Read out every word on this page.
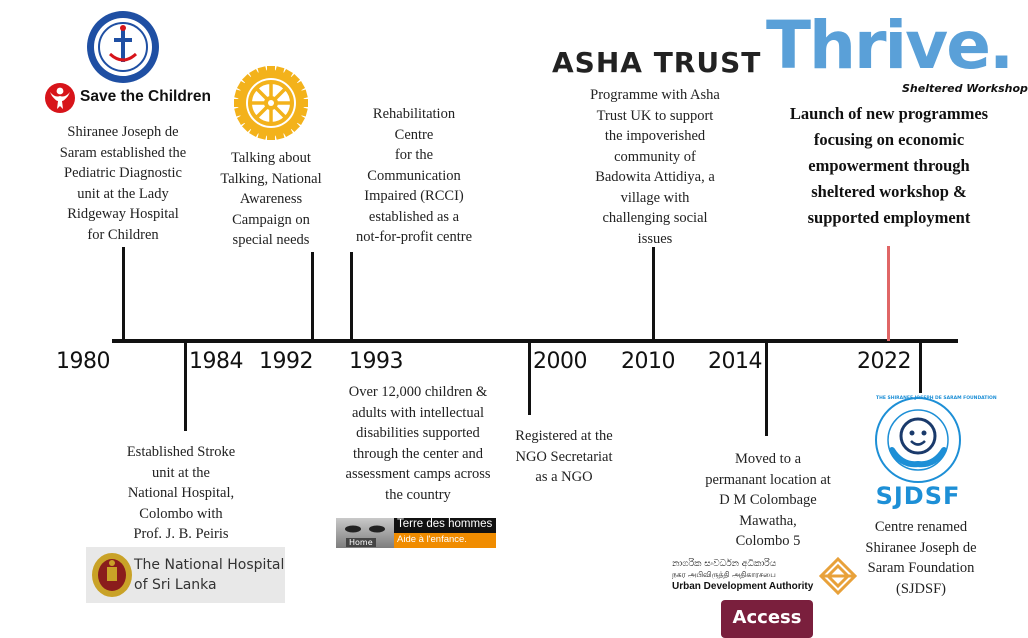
1980	1984 1992 1993	2000 2010 2014	2022
Shiranee Joseph de
Saram established the
Pediatric Diagnostic
unit at the Lady
Ridgeway Hospital
for Children
Established Stroke
unit at the
National Hospital,
Colombo with
Prof. J. B. Peiris
Talking about
Talking, National
Awareness
Campaign on
special needs
Rehabilitation
Centre
for the
Communication
Impaired (RCCI)
established as a
not-for-profit centre
Over 12,000 children &
adults with intellectual
disabilities supported
through the center and
assessment camps across
the country
Registered at the
NGO Secretariat
as a NGO
Programme with Asha
Trust UK to support
the impoverished
community of
Badowita Attidiya, a
village with
challenging social
issues
Moved to a
permanant location at
D M Colombage
Mawatha,
Colombo 5
Launch of new programmes
focusing on economic
empowerment through
sheltered workshop &
supported employment
Centre renamed
Shiranee Joseph de
Saram Foundation
(SJDSF)
Save the Children
The National Hospital
of Sri Lanka
Home
Terre des hommes
Aide à l'enfance.
ASHA TRUST Thrive.
Sheltered Workshop
THE SHIRANEE JOSEPH DE SARAM FOUNDATION
SJDSF
නාගරික සංවර්ධන අධිකාරිය
நகர அபிவிருத்தி அதிகாரசபை
Urban Development Authority
Access
